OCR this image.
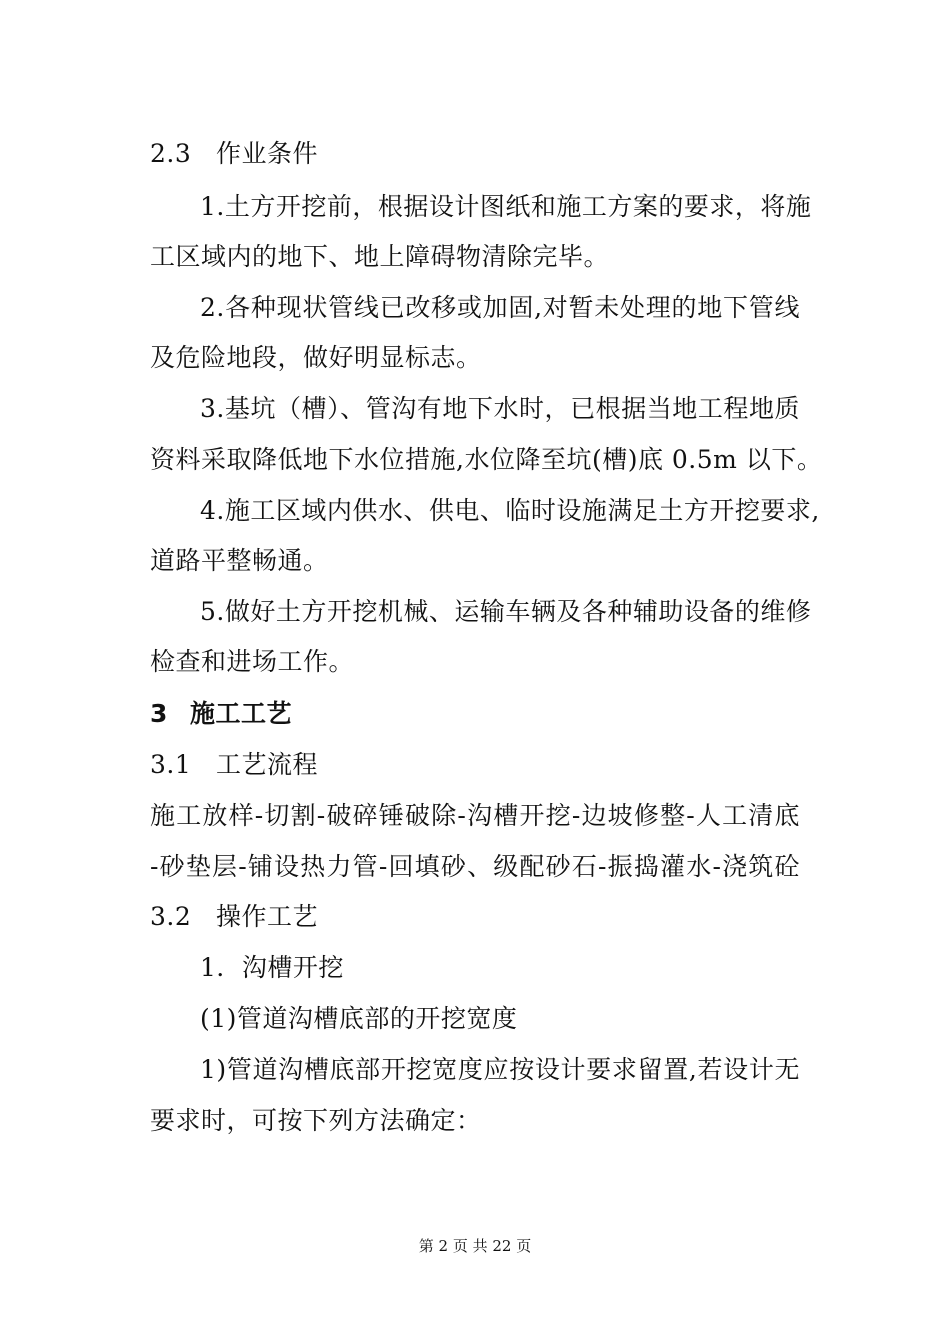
2.3 作业条件
1.土方开挖前，根据设计图纸和施工方案的要求，将施
工区域内的地下、地上障碍物清除完毕。
2.各种现状管线已改移或加固,对暂未处理的地下管线
及危险地段，做好明显标志。
3.基坑（槽）、管沟有地下水时，已根据当地工程地质
资料采取降低地下水位措施,水位降至坑(槽)底 0.5m 以下。
4.施工区域内供水、供电、临时设施满足土方开挖要求,
道路平整畅通。
5.做好土方开挖机械、运输车辆及各种辅助设备的维修
检查和进场工作。
3 施工工艺
3.1 工艺流程
施工放样-切割-破碎锤破除-沟槽开挖-边坡修整-人工清底
-砂垫层-铺设热力管-回填砂、级配砂石-振捣灌水-浇筑砼
3.2 操作工艺
1．沟槽开挖
(1)管道沟槽底部的开挖宽度
1)管道沟槽底部开挖宽度应按设计要求留置,若设计无
要求时，可按下列方法确定：
第 2 页 共 22 页
